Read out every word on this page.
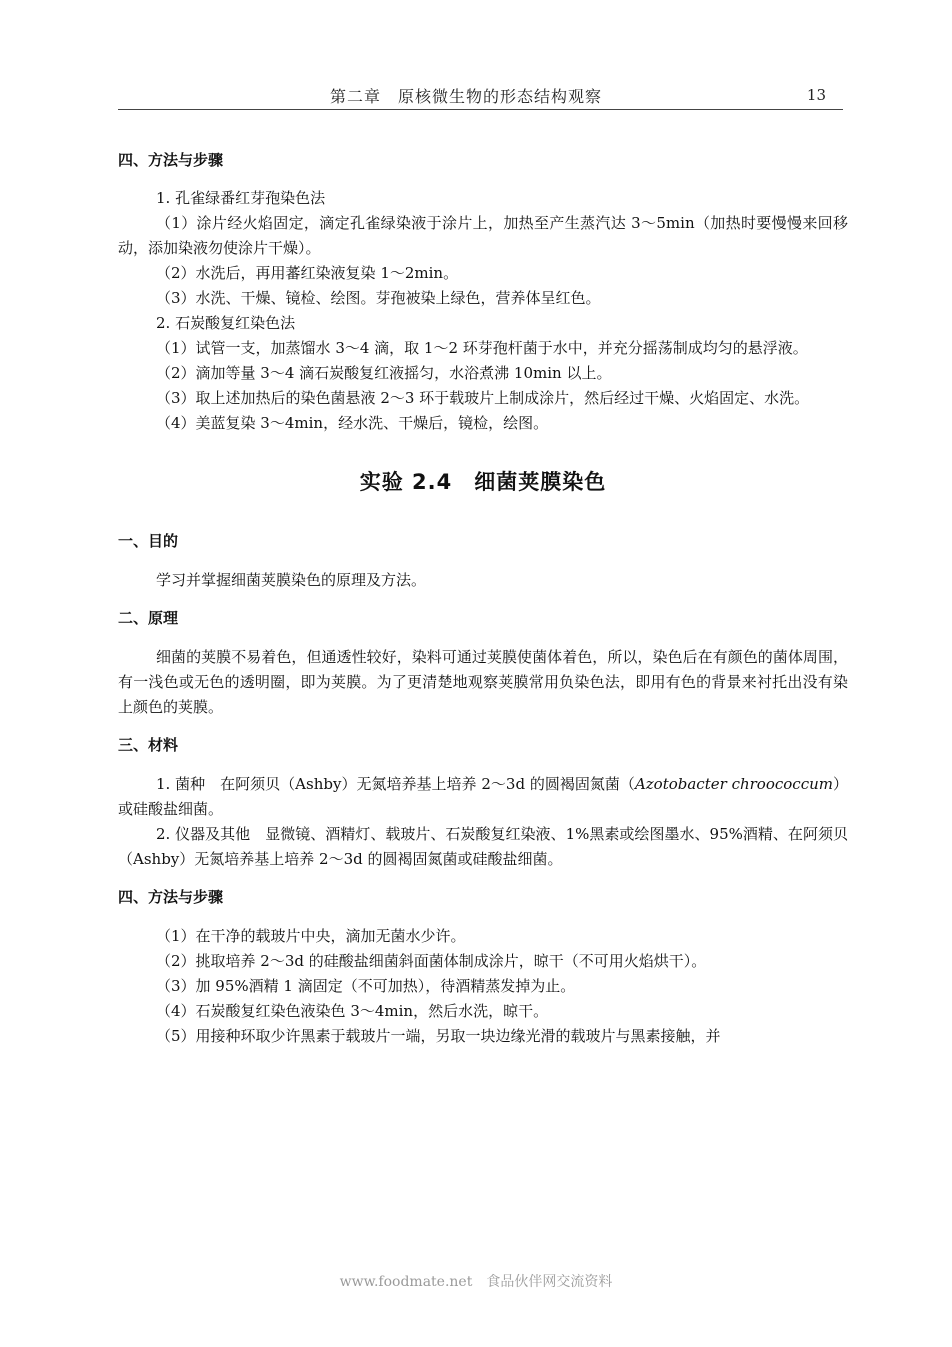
第二章　原核微生物的形态结构观察	13
四、方法与步骤

1. 孔雀绿番红芽孢染色法

（1）涂片经火焰固定，滴定孔雀绿染液于涂片上，加热至产生蒸汽达 3～5min（加热时要慢慢来回移动，添加染液勿使涂片干燥）。

（2）水洗后，再用蕃红染液复染 1～2min。

（3）水洗、干燥、镜检、绘图。芽孢被染上绿色，营养体呈红色。

2. 石炭酸复红染色法

（1）试管一支，加蒸馏水 3～4 滴，取 1～2 环芽孢杆菌于水中，并充分摇荡制成均匀的悬浮液。

（2）滴加等量 3～4 滴石炭酸复红液摇匀，水浴煮沸 10min 以上。

（3）取上述加热后的染色菌悬液 2～3 环于载玻片上制成涂片，然后经过干燥、火焰固定、水洗。

（4）美蓝复染 3～4min，经水洗、干燥后，镜检，绘图。

实验 2.4　细菌荚膜染色
一、目的

学习并掌握细菌荚膜染色的原理及方法。

二、原理

细菌的荚膜不易着色，但通透性较好，染料可通过荚膜使菌体着色，所以，染色后在有颜色的菌体周围，有一浅色或无色的透明圈，即为荚膜。为了更清楚地观察荚膜常用负染色法，即用有色的背景来衬托出没有染上颜色的荚膜。

三、材料

1. 菌种　在阿须贝（Ashby）无氮培养基上培养 2～3d 的圆褐固氮菌（Azotobacter chroococcum）或硅酸盐细菌。

2. 仪器及其他　显微镜、酒精灯、载玻片、石炭酸复红染液、1%黑素或绘图墨水、95%酒精、在阿须贝（Ashby）无氮培养基上培养 2～3d 的圆褐固氮菌或硅酸盐细菌。

四、方法与步骤

（1）在干净的载玻片中央，滴加无菌水少许。

（2）挑取培养 2～3d 的硅酸盐细菌斜面菌体制成涂片，晾干（不可用火焰烘干）。

（3）加 95%酒精 1 滴固定（不可加热），待酒精蒸发掉为止。

（4）石炭酸复红染色液染色 3～4min，然后水洗，晾干。

（5）用接种环取少许黑素于载玻片一端，另取一块边缘光滑的载玻片与黑素接触，并

www.foodmate.net　食品伙伴网交流资料
